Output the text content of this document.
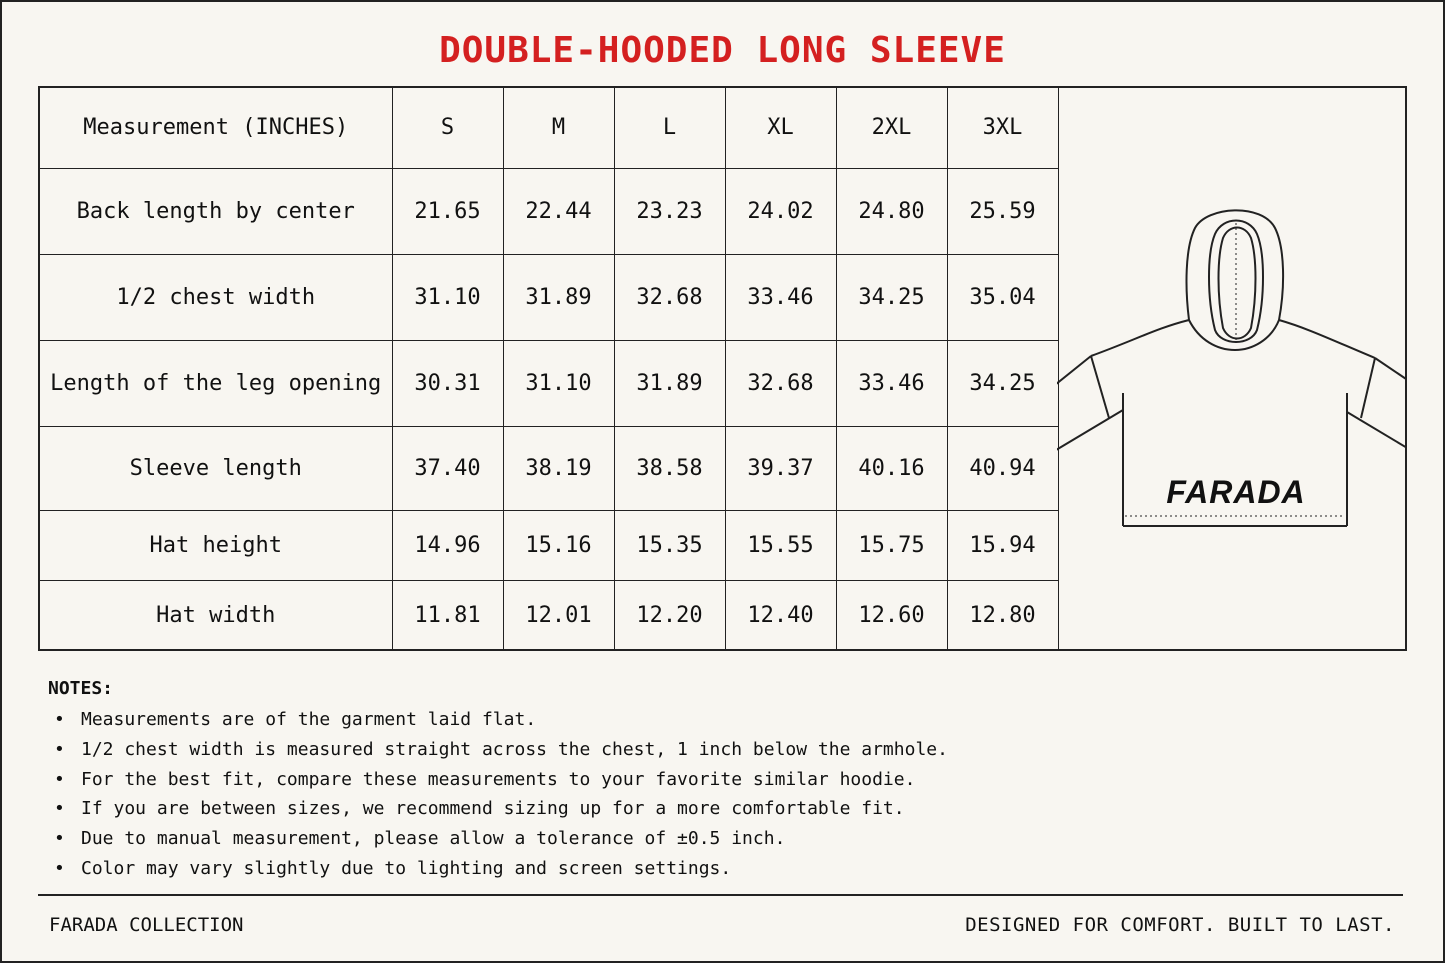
DOUBLE-HOODED LONG SLEEVE
Measurement (INCHES)	S	M	L	XL	2XL	3XL
Back length by center	21.65	22.44	23.23	24.02	24.80	25.59
1/2 chest width	31.10	31.89	32.68	33.46	34.25	35.04
Length of the leg opening	30.31	31.10	31.89	32.68	33.46	34.25
Sleeve length	37.40	38.19	38.58	39.37	40.16	40.94
Hat height	14.96	15.16	15.35	15.55	15.75	15.94
Hat width	11.81	12.01	12.20	12.40	12.60	12.80
FARADA
NOTES:
• Measurements are of the garment laid flat.
• 1/2 chest width is measured straight across the chest, 1 inch below the armhole.
• For the best fit, compare these measurements to your favorite similar hoodie.
• If you are between sizes, we recommend sizing up for a more comfortable fit.
• Due to manual measurement, please allow a tolerance of ±0.5 inch.
• Color may vary slightly due to lighting and screen settings.
FARADA COLLECTION	DESIGNED FOR COMFORT. BUILT TO LAST.
